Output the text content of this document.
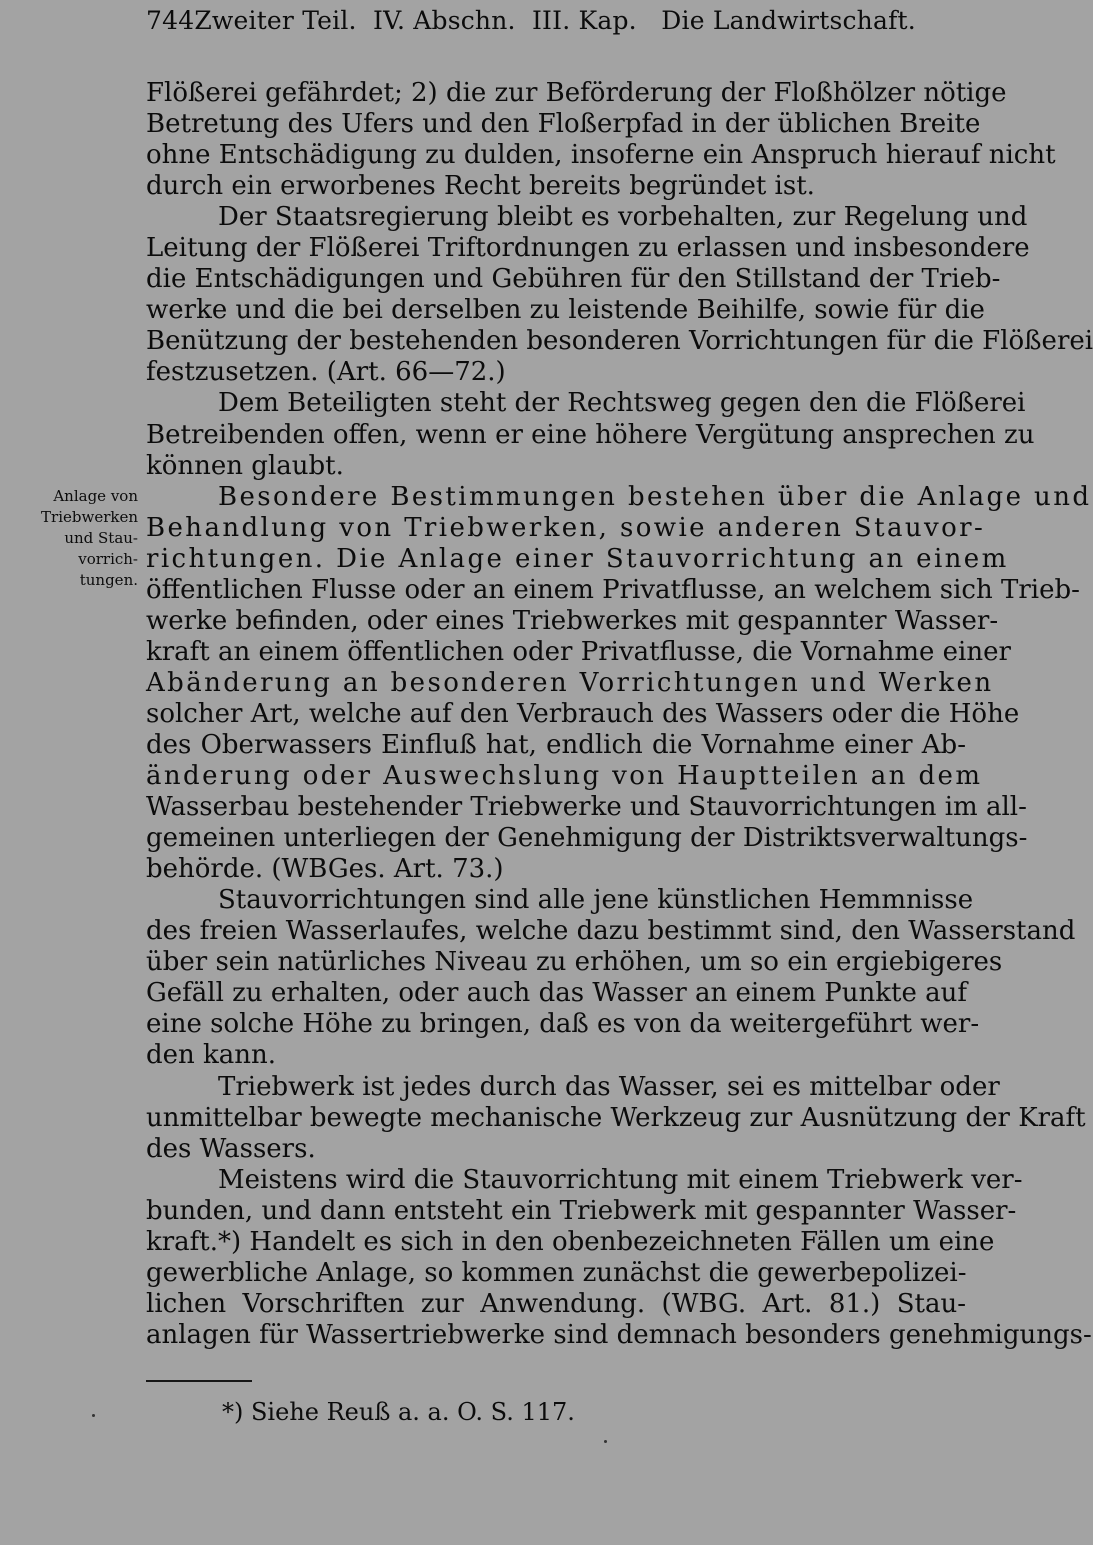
744 Zweiter Teil.  IV. Abschn.  III. Kap.   Die Landwirtschaft.
Anlage von
Triebwerken
und Stau-
vorrich-
tungen.
Flößerei gefährdet; 2) die zur Beförderung der Floßhölzer nötige
Betretung des Ufers und den Floßerpfad in der üblichen Breite
ohne Entschädigung zu dulden, insoferne ein Anspruch hierauf nicht
durch ein erworbenes Recht bereits begründet ist.
Der Staatsregierung bleibt es vorbehalten, zur Regelung und
Leitung der Flößerei Triftordnungen zu erlassen und insbesondere
die Entschädigungen und Gebühren für den Stillstand der Trieb-
werke und die bei derselben zu leistende Beihilfe, sowie für die
Benützung der bestehenden besonderen Vorrichtungen für die Flößerei
festzusetzen. (Art. 66—72.)
Dem Beteiligten steht der Rechtsweg gegen den die Flößerei
Betreibenden offen, wenn er eine höhere Vergütung ansprechen zu
können glaubt.
Besondere Bestimmungen bestehen über die Anlage und
Behandlung von Triebwerken, sowie anderen Stauvor-
richtungen. Die Anlage einer Stauvorrichtung an einem
öffentlichen Flusse oder an einem Privatflusse, an welchem sich Trieb-
werke befinden, oder eines Triebwerkes mit gespannter Wasser-
kraft an einem öffentlichen oder Privatflusse, die Vornahme einer
Abänderung an besonderen Vorrichtungen und Werken
solcher Art, welche auf den Verbrauch des Wassers oder die Höhe
des Oberwassers Einfluß hat, endlich die Vornahme einer Ab-
änderung oder Auswechslung von Hauptteilen an dem
Wasserbau bestehender Triebwerke und Stauvorrichtungen im all-
gemeinen unterliegen der Genehmigung der Distriktsverwaltungs-
behörde. (WBGes. Art. 73.)
Stauvorrichtungen sind alle jene künstlichen Hemmnisse
des freien Wasserlaufes, welche dazu bestimmt sind, den Wasserstand
über sein natürliches Niveau zu erhöhen, um so ein ergiebigeres
Gefäll zu erhalten, oder auch das Wasser an einem Punkte auf
eine solche Höhe zu bringen, daß es von da weitergeführt wer-
den kann.
Triebwerk ist jedes durch das Wasser, sei es mittelbar oder
unmittelbar bewegte mechanische Werkzeug zur Ausnützung der Kraft
des Wassers.
Meistens wird die Stauvorrichtung mit einem Triebwerk ver-
bunden, und dann entsteht ein Triebwerk mit gespannter Wasser-
kraft.*) Handelt es sich in den obenbezeichneten Fällen um eine
gewerbliche Anlage, so kommen zunächst die gewerbepolizei-
lichen Vorschriften zur Anwendung. (WBG. Art. 81.) Stau-
anlagen für Wassertriebwerke sind demnach besonders genehmigungs-
*) Siehe Reuß a. a. O. S. 117.
